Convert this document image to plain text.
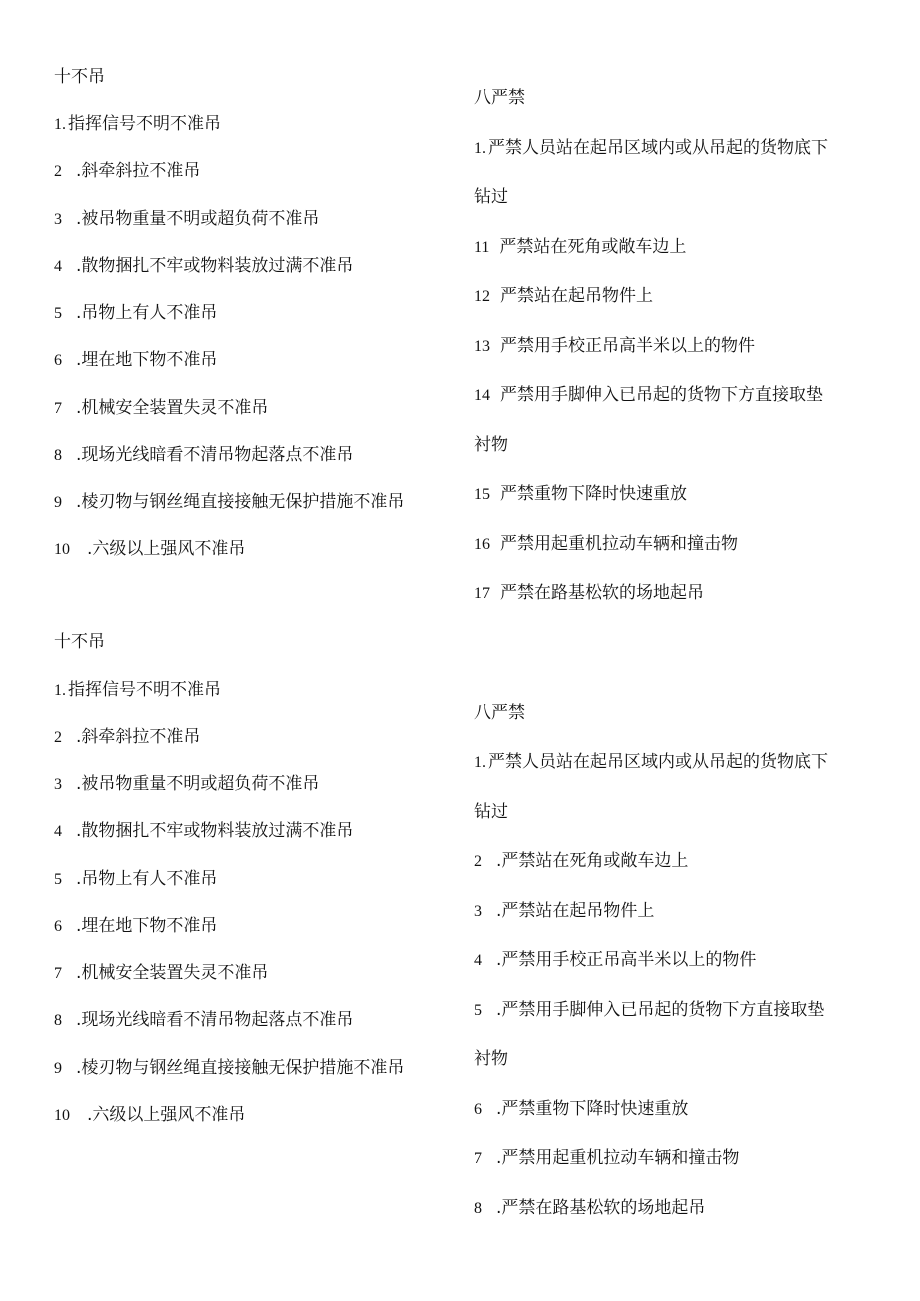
十不吊
1. 指挥信号不明不准吊
2 .斜牵斜拉不准吊
3 .被吊物重量不明或超负荷不准吊
4 .散物捆扎不牢或物料装放过满不准吊
5 .吊物上有人不准吊
6 .埋在地下物不准吊
7 .机械安全装置失灵不准吊
8 .现场光线暗看不清吊物起落点不准吊
9 .棱刃物与钢丝绳直接接触无保护措施不准吊
10 .六级以上强风不准吊
十不吊
1. 指挥信号不明不准吊
2 .斜牵斜拉不准吊
3 .被吊物重量不明或超负荷不准吊
4 .散物捆扎不牢或物料装放过满不准吊
5 .吊物上有人不准吊
6 .埋在地下物不准吊
7 .机械安全装置失灵不准吊
8 .现场光线暗看不清吊物起落点不准吊
9 .棱刃物与钢丝绳直接接触无保护措施不准吊
10 .六级以上强风不准吊
八严禁
1. 严禁人员站在起吊区域内或从吊起的货物底下
钻过
11 严禁站在死角或敞车边上
12 严禁站在起吊物件上
13 严禁用手校正吊高半米以上的物件
14 严禁用手脚伸入已吊起的货物下方直接取垫
衬物
15 严禁重物下降时快速重放
16 严禁用起重机拉动车辆和撞击物
17 严禁在路基松软的场地起吊
八严禁
1. 严禁人员站在起吊区域内或从吊起的货物底下
钻过
2 .严禁站在死角或敞车边上
3 .严禁站在起吊物件上
4 .严禁用手校正吊高半米以上的物件
5 .严禁用手脚伸入已吊起的货物下方直接取垫
衬物
6 .严禁重物下降时快速重放
7 .严禁用起重机拉动车辆和撞击物
8 .严禁在路基松软的场地起吊
